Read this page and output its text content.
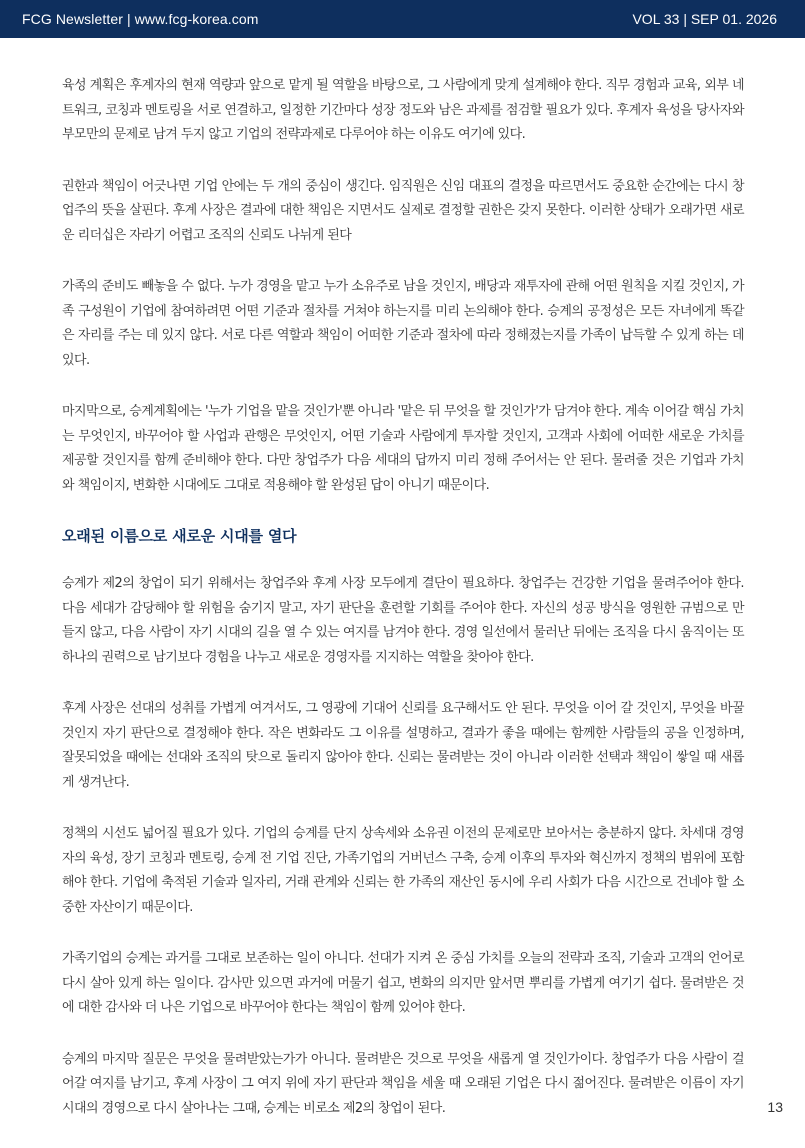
FCG Newsletter | www.fcg-korea.com	VOL 33 | SEP 01. 2026

육성 계획은 후계자의 현재 역량과 앞으로 맡게 될 역할을 바탕으로, 그 사람에게 맞게 설계해야 한다. 직무 경험과 교육, 외부 네트워크, 코칭과 멘토링을 서로 연결하고, 일정한 기간마다 성장 정도와 남은 과제를 점검할 필요가 있다. 후계자 육성을 당사자와 부모만의 문제로 남겨 두지 않고 기업의 전략과제로 다루어야 하는 이유도 여기에 있다.

권한과 책임이 어긋나면 기업 안에는 두 개의 중심이 생긴다. 임직원은 신임 대표의 결정을 따르면서도 중요한 순간에는 다시 창업주의 뜻을 살핀다. 후계 사장은 결과에 대한 책임은 지면서도 실제로 결정할 권한은 갖지 못한다. 이러한 상태가 오래가면 새로운 리더십은 자라기 어렵고 조직의 신뢰도 나뉘게 된다

가족의 준비도 빼놓을 수 없다. 누가 경영을 맡고 누가 소유주로 남을 것인지, 배당과 재투자에 관해 어떤 원칙을 지킬 것인지, 가족 구성원이 기업에 참여하려면 어떤 기준과 절차를 거쳐야 하는지를 미리 논의해야 한다. 승계의 공정성은 모든 자녀에게 똑같은 자리를 주는 데 있지 않다. 서로 다른 역할과 책임이 어떠한 기준과 절차에 따라 정해졌는지를 가족이 납득할 수 있게 하는 데 있다.

마지막으로, 승계계획에는 '누가 기업을 맡을 것인가'뿐 아니라 '맡은 뒤 무엇을 할 것인가'가 담겨야 한다. 계속 이어갈 핵심 가치는 무엇인지, 바꾸어야 할 사업과 관행은 무엇인지, 어떤 기술과 사람에게 투자할 것인지, 고객과 사회에 어떠한 새로운 가치를 제공할 것인지를 함께 준비해야 한다. 다만 창업주가 다음 세대의 답까지 미리 정해 주어서는 안 된다. 물려줄 것은 기업과 가치와 책임이지, 변화한 시대에도 그대로 적용해야 할 완성된 답이 아니기 때문이다.

오래된 이름으로 새로운 시대를 열다

승계가 제2의 창업이 되기 위해서는 창업주와 후계 사장 모두에게 결단이 필요하다. 창업주는 건강한 기업을 물려주어야 한다. 다음 세대가 감당해야 할 위험을 숨기지 말고, 자기 판단을 훈련할 기회를 주어야 한다. 자신의 성공 방식을 영원한 규범으로 만들지 않고, 다음 사람이 자기 시대의 길을 열 수 있는 여지를 남겨야 한다. 경영 일선에서 물러난 뒤에는 조직을 다시 움직이는 또 하나의 권력으로 남기보다 경험을 나누고 새로운 경영자를 지지하는 역할을 찾아야 한다.

후계 사장은 선대의 성취를 가볍게 여겨서도, 그 영광에 기대어 신뢰를 요구해서도 안 된다. 무엇을 이어 갈 것인지, 무엇을 바꿀 것인지 자기 판단으로 결정해야 한다. 작은 변화라도 그 이유를 설명하고, 결과가 좋을 때에는 함께한 사람들의 공을 인정하며, 잘못되었을 때에는 선대와 조직의 탓으로 돌리지 않아야 한다. 신뢰는 물려받는 것이 아니라 이러한 선택과 책임이 쌓일 때 새롭게 생겨난다.

정책의 시선도 넓어질 필요가 있다. 기업의 승계를 단지 상속세와 소유권 이전의 문제로만 보아서는 충분하지 않다. 차세대 경영자의 육성, 장기 코칭과 멘토링, 승계 전 기업 진단, 가족기업의 거버넌스 구축, 승계 이후의 투자와 혁신까지 정책의 범위에 포함해야 한다. 기업에 축적된 기술과 일자리, 거래 관계와 신뢰는 한 가족의 재산인 동시에 우리 사회가 다음 시간으로 건네야 할 소중한 자산이기 때문이다.

가족기업의 승계는 과거를 그대로 보존하는 일이 아니다. 선대가 지켜 온 중심 가치를 오늘의 전략과 조직, 기술과 고객의 언어로 다시 살아 있게 하는 일이다. 감사만 있으면 과거에 머물기 쉽고, 변화의 의지만 앞서면 뿌리를 가볍게 여기기 쉽다. 물려받은 것에 대한 감사와 더 나은 기업으로 바꾸어야 한다는 책임이 함께 있어야 한다.

승계의 마지막 질문은 무엇을 물려받았는가가 아니다. 물려받은 것으로 무엇을 새롭게 열 것인가이다. 창업주가 다음 사람이 걸어갈 여지를 남기고, 후계 사장이 그 여지 위에 자기 판단과 책임을 세울 때 오래된 기업은 다시 젊어진다. 물려받은 이름이 자기 시대의 경영으로 다시 살아나는 그때, 승계는 비로소 제2의 창업이 된다.	13
